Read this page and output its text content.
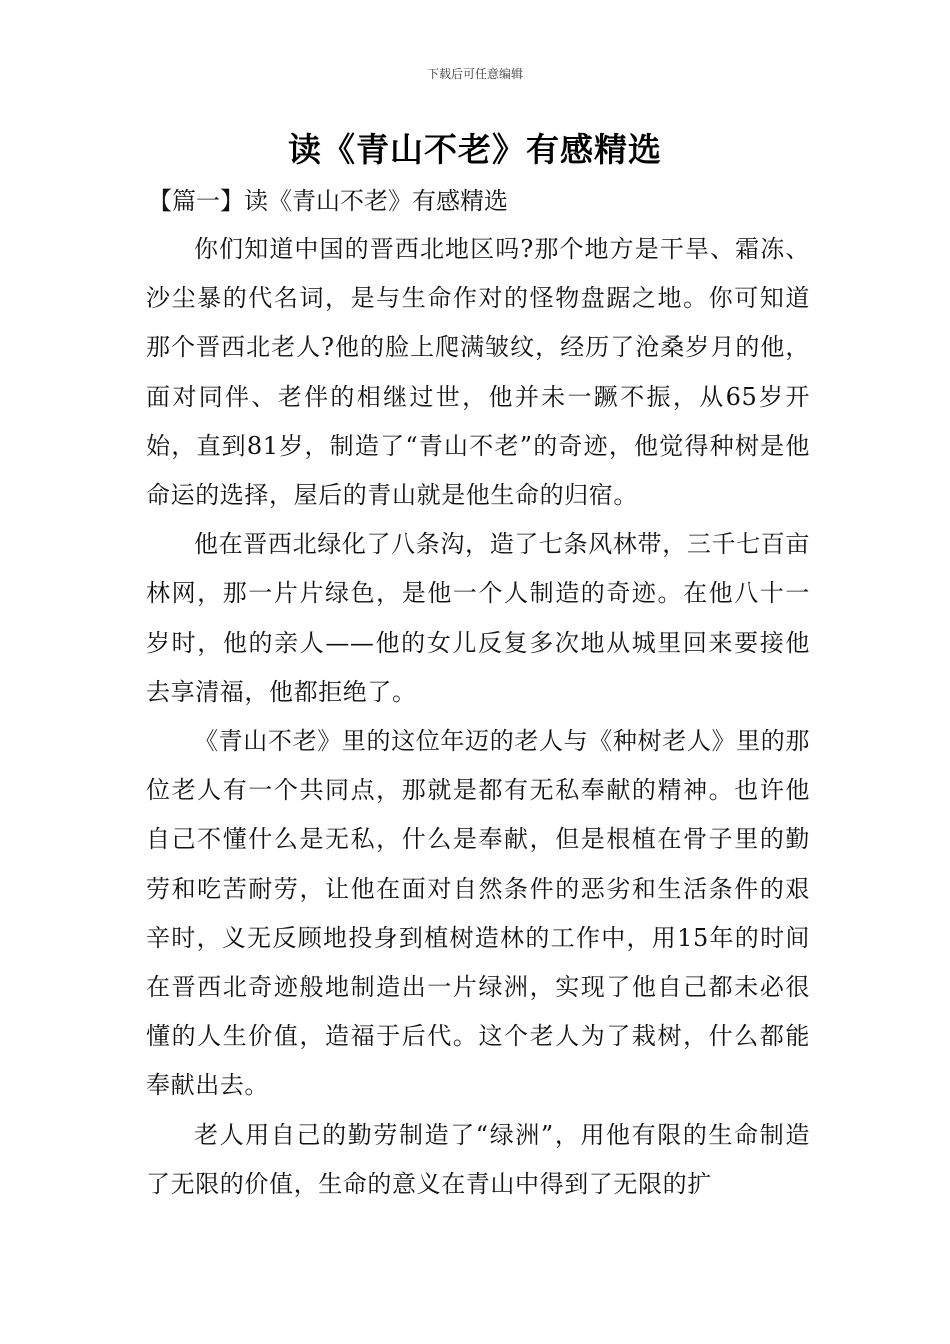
下载后可任意编辑
读《青山不老》有感精选
【篇一】读《青山不老》有感精选

你们知道中国的晋西北地区吗?那个地方是干旱、霜冻、沙尘暴的代名词，是与生命作对的怪物盘踞之地。你可知道那个晋西北老人?他的脸上爬满皱纹，经历了沧桑岁月的他，面对同伴、老伴的相继过世，他并未一蹶不振，从65岁开始，直到81岁，制造了“青山不老”的奇迹，他觉得种树是他命运的选择，屋后的青山就是他生命的归宿。

他在晋西北绿化了八条沟，造了七条风林带，三千七百亩林网，那一片片绿色，是他一个人制造的奇迹。在他八十一岁时，他的亲人——他的女儿反复多次地从城里回来要接他去享清福，他都拒绝了。

《青山不老》里的这位年迈的老人与《种树老人》里的那位老人有一个共同点，那就是都有无私奉献的精神。也许他自己不懂什么是无私，什么是奉献，但是根植在骨子里的勤劳和吃苦耐劳，让他在面对自然条件的恶劣和生活条件的艰辛时，义无反顾地投身到植树造林的工作中，用15年的时间在晋西北奇迹般地制造出一片绿洲，实现了他自己都未必很懂的人生价值，造福于后代。这个老人为了栽树，什么都能奉献出去。

老人用自己的勤劳制造了“绿洲”，用他有限的生命制造了无限的价值，生命的意义在青山中得到了无限的扩
